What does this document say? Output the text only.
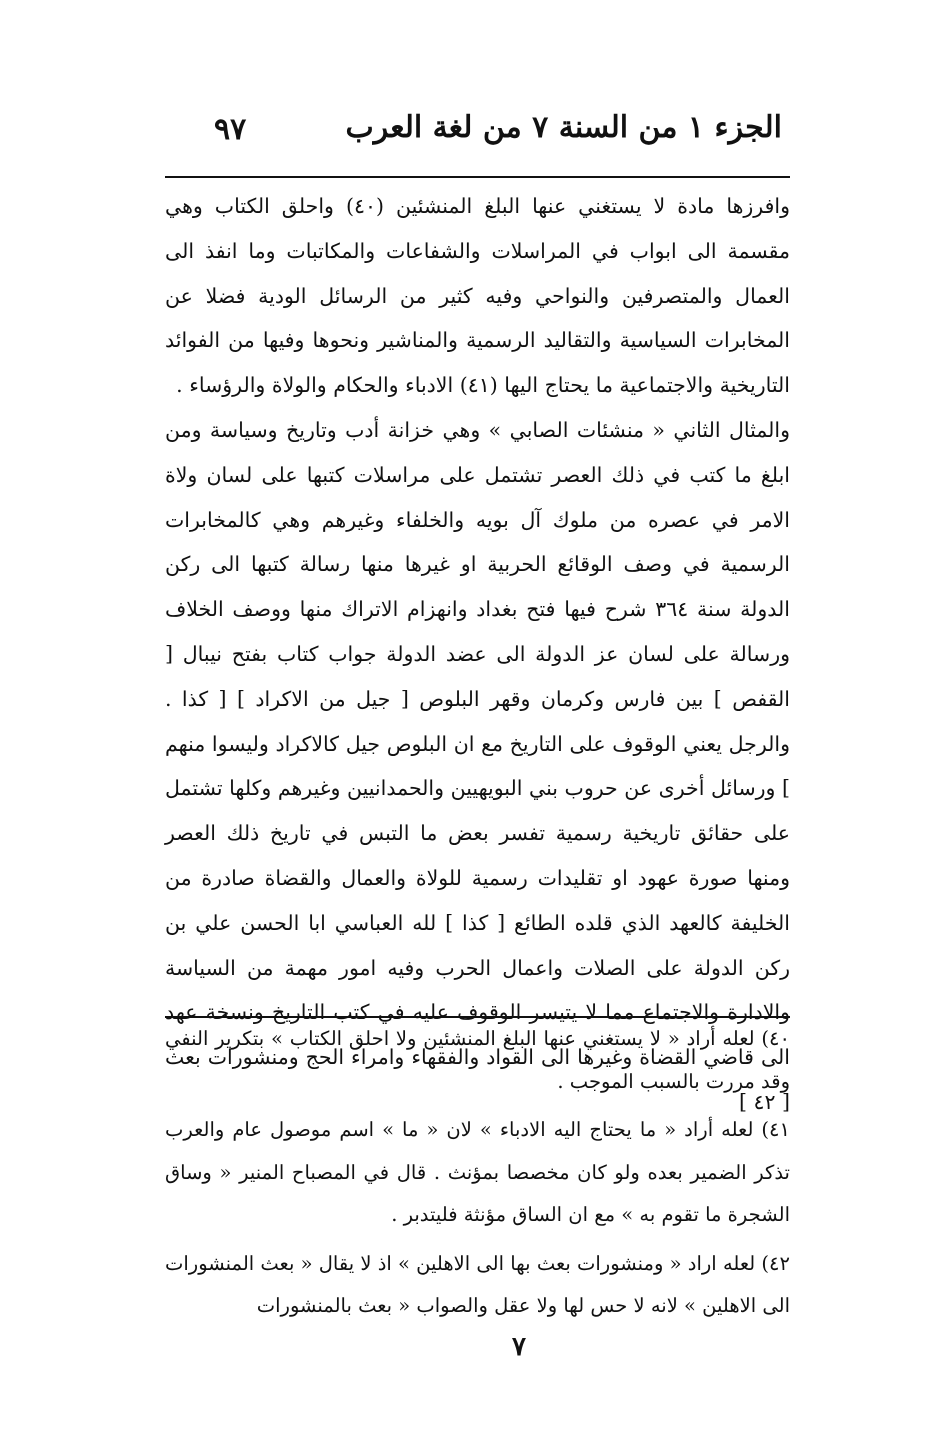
الجزء ١ من السنة ٧ من لغة العرب
٩٧

وافرزها مادة لا يستغني عنها البلغ المنشئين (٤٠) واحلق الكتاب وهي مقسمة الى ابواب في المراسلات والشفاعات والمكاتبات وما انفذ الى العمال والمتصرفين والنواحي وفيه كثير من الرسائل الودية فضلا عن المخابرات السياسية والتقاليد الرسمية والمناشير ونحوها وفيها من الفوائد التاريخية والاجتماعية ما يحتاج اليها (٤١) الادباء والحكام والولاة والرؤساء .

والمثال الثاني « منشئات الصابي » وهي خزانة أدب وتاريخ وسياسة ومن ابلغ ما كتب في ذلك العصر تشتمل على مراسلات كتبها على لسان ولاة الامر في عصره من ملوك آل بويه والخلفاء وغيرهم وهي كالمخابرات الرسمية في وصف الوقائع الحربية او غيرها منها رسالة كتبها الى ركن الدولة سنة ٣٦٤ شرح فيها فتح بغداد وانهزام الاتراك منها ووصف الخلاف ورسالة على لسان عز الدولة الى عضد الدولة جواب كتاب بفتح نيبال [ القفص ] بين فارس وكرمان وقهر البلوص [ جيل من الاكراد ] [ كذا . والرجل يعني الوقوف على التاريخ مع ان البلوص جيل كالاكراد وليسوا منهم ] ورسائل أخرى عن حروب بني البويهيين والحمدانيين وغيرهم وكلها تشتمل على حقائق تاريخية رسمية تفسر بعض ما التبس في تاريخ ذلك العصر ومنها صورة عهود او تقليدات رسمية للولاة والعمال والقضاة صادرة من الخليفة كالعهد الذي قلده الطائع [ كذا ] لله العباسي ابا الحسن علي بن ركن الدولة على الصلات واعمال الحرب وفيه امور مهمة من السياسة والادارة والاجتماع مما لا يتيسر الوقوف عليه في كتب التاريخ ونسخة عهد الى قاضي القضاة وغيرها الى القواد والفقهاء وامراء الحج ومنشورات بعث [ ٤٢ ]

٤٠) لعله أراد « لا يستغني عنها البلغ المنشئين ولا احلق الكتاب » بتكرير النفي وقد مررت بالسبب الموجب .

٤١) لعله أراد « ما يحتاج اليه الادباء » لان « ما » اسم موصول عام والعرب تذكر الضمير بعده ولو كان مخصصا بمؤنث . قال في المصباح المنير « وساق الشجرة ما تقوم به » مع ان الساق مؤنثة فليتدبر .

٤٢) لعله اراد « ومنشورات بعث بها الى الاهلين » اذ لا يقال « بعث المنشورات الى الاهلين » لانه لا حس لها ولا عقل والصواب « بعث بالمنشورات

٧
